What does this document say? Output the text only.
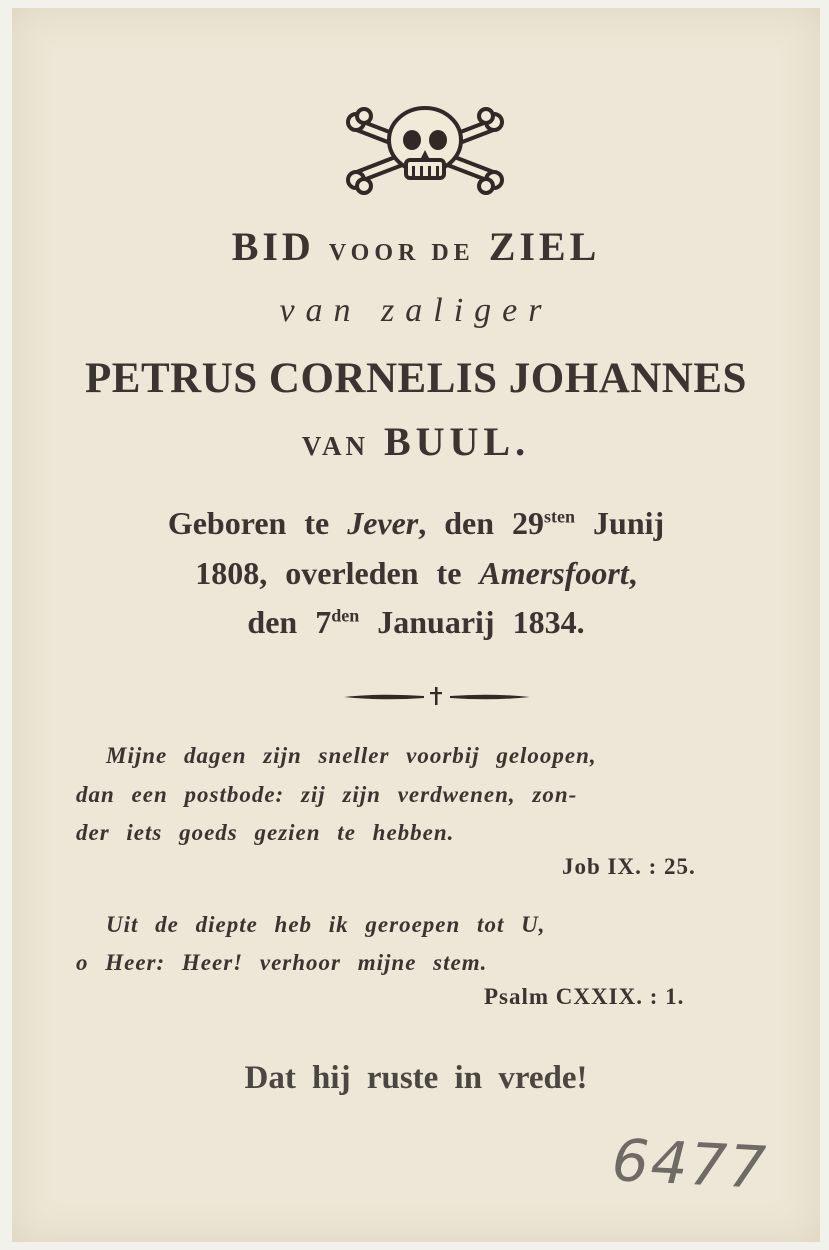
BID VOOR DE ZIEL
van zaliger
PETRUS CORNELIS JOHANNES
VAN BUUL.
Geboren te Jever, den $29^{sten}$ Junij
1808, overleden te Amersfoort,
den $7^{den}$ Januarij 1834.
Mijne dagen zijn sneller voorbij geloopen,
dan een postbode: zij zijn verdwenen, zon-
der iets goeds gezien te hebben.
Job IX. : 25.
Uit de diepte heb ik geroepen tot U,
o Heer: Heer! verhoor mijne stem.
Psalm CXXIX. : 1.
Dat hij ruste in vrede!
6477
